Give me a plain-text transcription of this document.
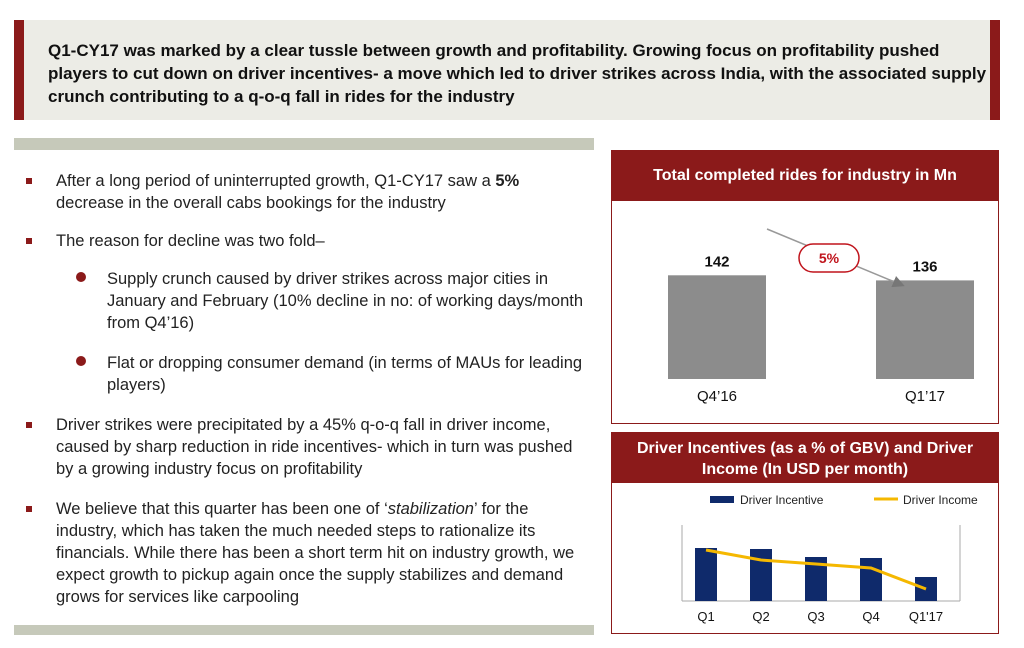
Q1-CY17 was marked by a clear tussle between growth and profitability. Growing focus on profitability pushed players to cut down on driver incentives- a move which led to driver strikes across India, with the associated supply crunch contributing to a q-o-q fall in rides for the industry
After a long period of uninterrupted growth, Q1-CY17 saw a 5% decrease in the overall cabs bookings for the industry
The reason for decline was two fold–
Supply crunch caused by driver strikes across major cities in January and February (10% decline in no: of working days/month from Q4’16)
Flat or dropping consumer demand (in terms of MAUs for leading players)
Driver strikes were precipitated by a 45% q-o-q fall in driver income, caused by sharp reduction in ride incentives- which in turn was pushed by a growing industry focus on profitability
We believe that this quarter has been one of ‘stabilization’ for the industry, which has taken the much needed steps to rationalize its financials. While there has been a short term hit on industry growth, we expect growth to pickup again once the supply stabilizes and demand grows for services like carpooling
Total completed rides for industry in Mn
142
Q4’16
136
Q1’17
5%
Driver Incentives (as a % of GBV) and Driver Income (In USD per month)
Driver Incentive	Driver Income
Q1	Q2	Q3	Q4 Q1'17
